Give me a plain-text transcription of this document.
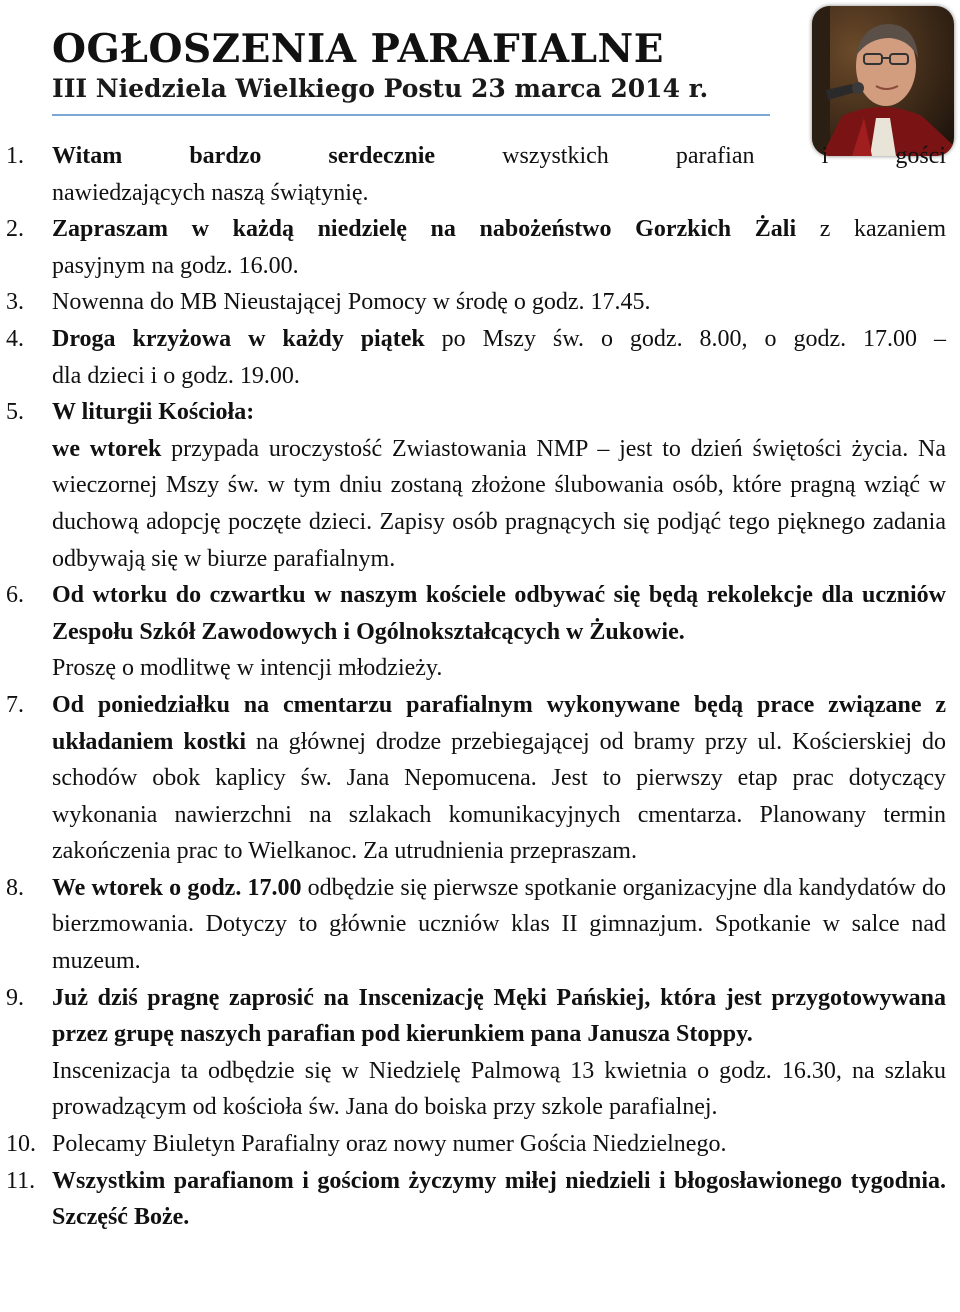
OGŁOSZENIA PARAFIALNE
III Niedziela Wielkiego Postu 23 marca 2014 r.
1.	Witam bardzo serdecznie wszystkich parafian i gości
nawiedzających naszą świątynię.
2.	Zapraszam w każdą niedzielę na nabożeństwo Gorzkich Żali z kazaniem
pasyjnym na godz. 16.00.
3.	Nowenna do MB Nieustającej Pomocy w środę o godz. 17.45.
4.	Droga krzyżowa w każdy piątek po Mszy św. o godz. 8.00, o godz. 17.00 –
dla dzieci i o godz. 19.00.
5.	W liturgii Kościoła:
we wtorek przypada uroczystość Zwiastowania NMP – jest to dzień świętości życia. Na wieczornej Mszy św. w tym dniu zostaną złożone ślubowania osób, które pragną wziąć w duchową adopcję poczęte dzieci. Zapisy osób pragnących się podjąć tego pięknego zadania odbywają się w biurze parafialnym.
6.	Od wtorku do czwartku w naszym kościele odbywać się będą rekolekcje dla uczniów Zespołu Szkół Zawodowych i Ogólnokształcących w Żukowie.
Proszę o modlitwę w intencji młodzieży.
7.	Od poniedziałku na cmentarzu parafialnym wykonywane będą prace związane z układaniem kostki na głównej drodze przebiegającej od bramy przy ul. Kościerskiej do schodów obok kaplicy św. Jana Nepomucena. Jest to pierwszy etap prac dotyczący wykonania nawierzchni na szlakach komunikacyjnych cmentarza. Planowany termin zakończenia prac to Wielkanoc. Za utrudnienia przepraszam.
8.	We wtorek o godz. 17.00 odbędzie się pierwsze spotkanie organizacyjne dla kandydatów do bierzmowania. Dotyczy to głównie uczniów klas II gimnazjum. Spotkanie w salce nad muzeum.
9.	Już dziś pragnę zaprosić na Inscenizację Męki Pańskiej, która jest przygotowywana przez grupę naszych parafian pod kierunkiem pana Janusza Stoppy.
Inscenizacja ta odbędzie się w Niedzielę Palmową 13 kwietnia o godz. 16.30, na szlaku prowadzącym od kościoła św. Jana do boiska przy szkole parafialnej.
10. Polecamy Biuletyn Parafialny oraz nowy numer Gościa Niedzielnego.
11. Wszystkim parafianom i gościom życzymy miłej niedzieli i błogosławionego tygodnia. Szczęść Boże.
